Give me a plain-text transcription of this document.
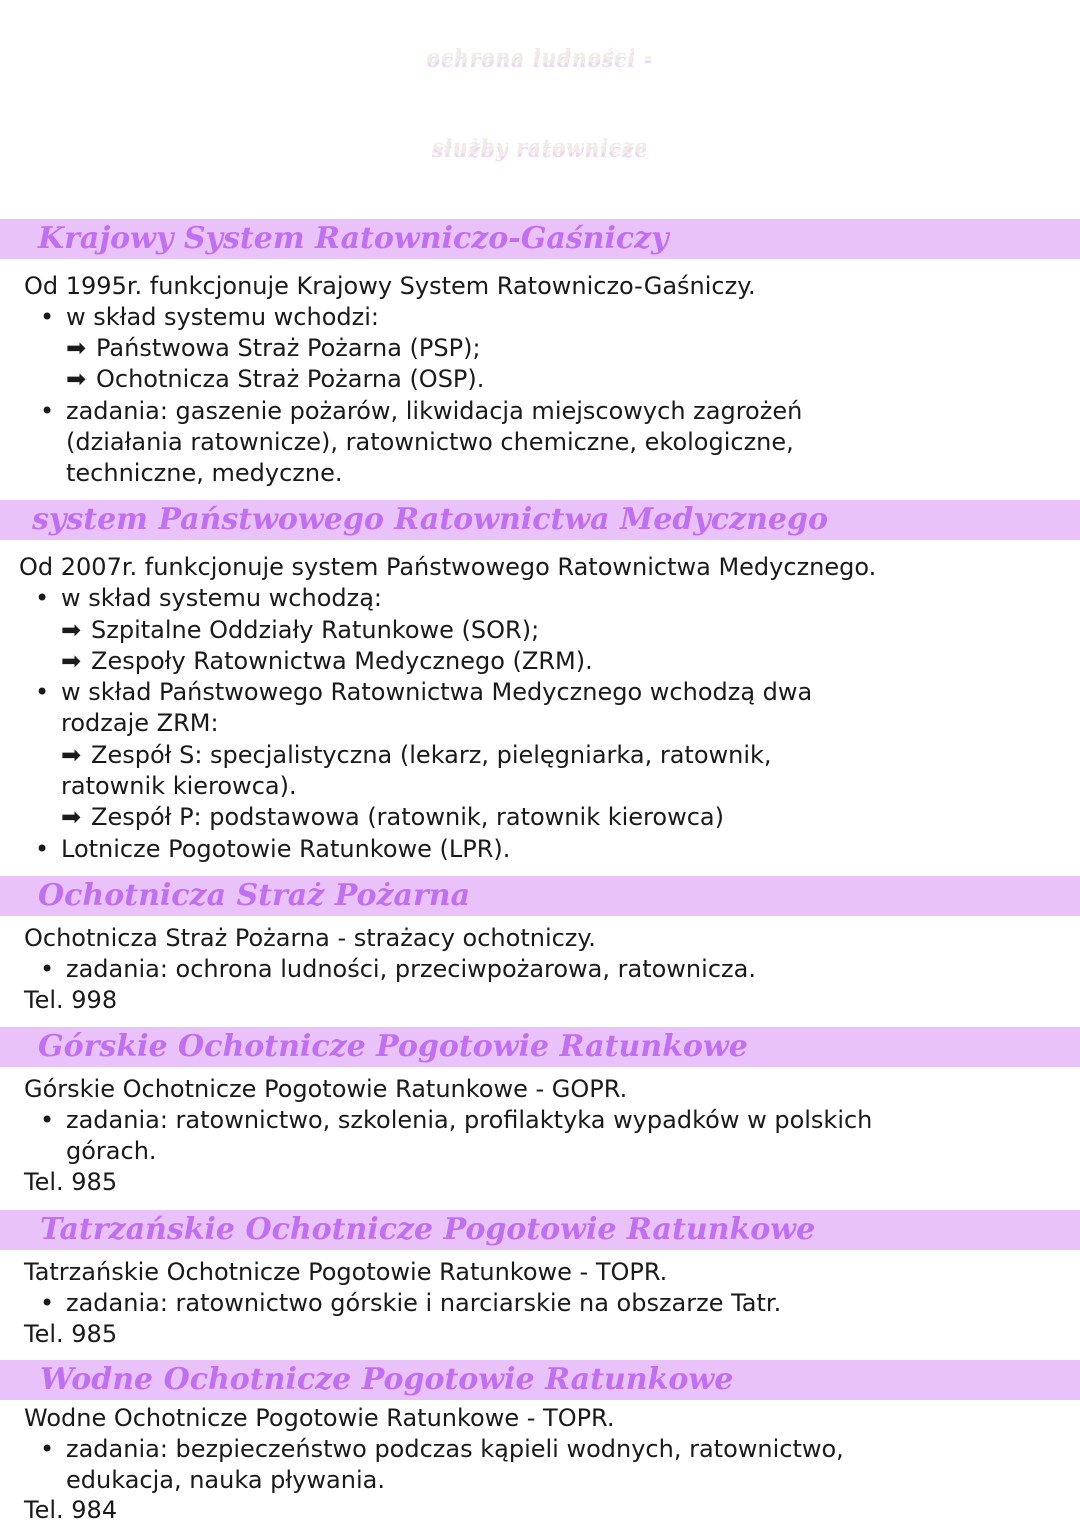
ochrona ludności -
służby ratownicze
Krajowy System Ratowniczo-Gaśniczy
Od 1995r. funkcjonuje Krajowy System Ratowniczo-Gaśniczy.
• w skład systemu wchodzi:
➡ Państwowa Straż Pożarna (PSP);
➡ Ochotnicza Straż Pożarna (OSP).
• zadania: gaszenie pożarów, likwidacja miejscowych zagrożeń
(działania ratownicze), ratownictwo chemiczne, ekologiczne,
techniczne, medyczne.
system Państwowego Ratownictwa Medycznego
Od 2007r. funkcjonuje system Państwowego Ratownictwa Medycznego.
• w skład systemu wchodzą:
➡ Szpitalne Oddziały Ratunkowe (SOR);
➡ Zespoły Ratownictwa Medycznego (ZRM).
• w skład Państwowego Ratownictwa Medycznego wchodzą dwa
rodzaje ZRM:
➡ Zespół S: specjalistyczna (lekarz, pielęgniarka, ratownik,
ratownik kierowca).
➡ Zespół P: podstawowa (ratownik, ratownik kierowca)
• Lotnicze Pogotowie Ratunkowe (LPR).
Ochotnicza Straż Pożarna
Ochotnicza Straż Pożarna - strażacy ochotniczy.
• zadania: ochrona ludności, przeciwpożarowa, ratownicza.
Tel. 998
Górskie Ochotnicze Pogotowie Ratunkowe
Górskie Ochotnicze Pogotowie Ratunkowe - GOPR.
• zadania: ratownictwo, szkolenia, profilaktyka wypadków w polskich
górach.
Tel. 985
Tatrzańskie Ochotnicze Pogotowie Ratunkowe
Tatrzańskie Ochotnicze Pogotowie Ratunkowe - TOPR.
• zadania: ratownictwo górskie i narciarskie na obszarze Tatr.
Tel. 985
Wodne Ochotnicze Pogotowie Ratunkowe
Wodne Ochotnicze Pogotowie Ratunkowe - TOPR.
• zadania: bezpieczeństwo podczas kąpieli wodnych, ratownictwo,
edukacja, nauka pływania.
Tel. 984
